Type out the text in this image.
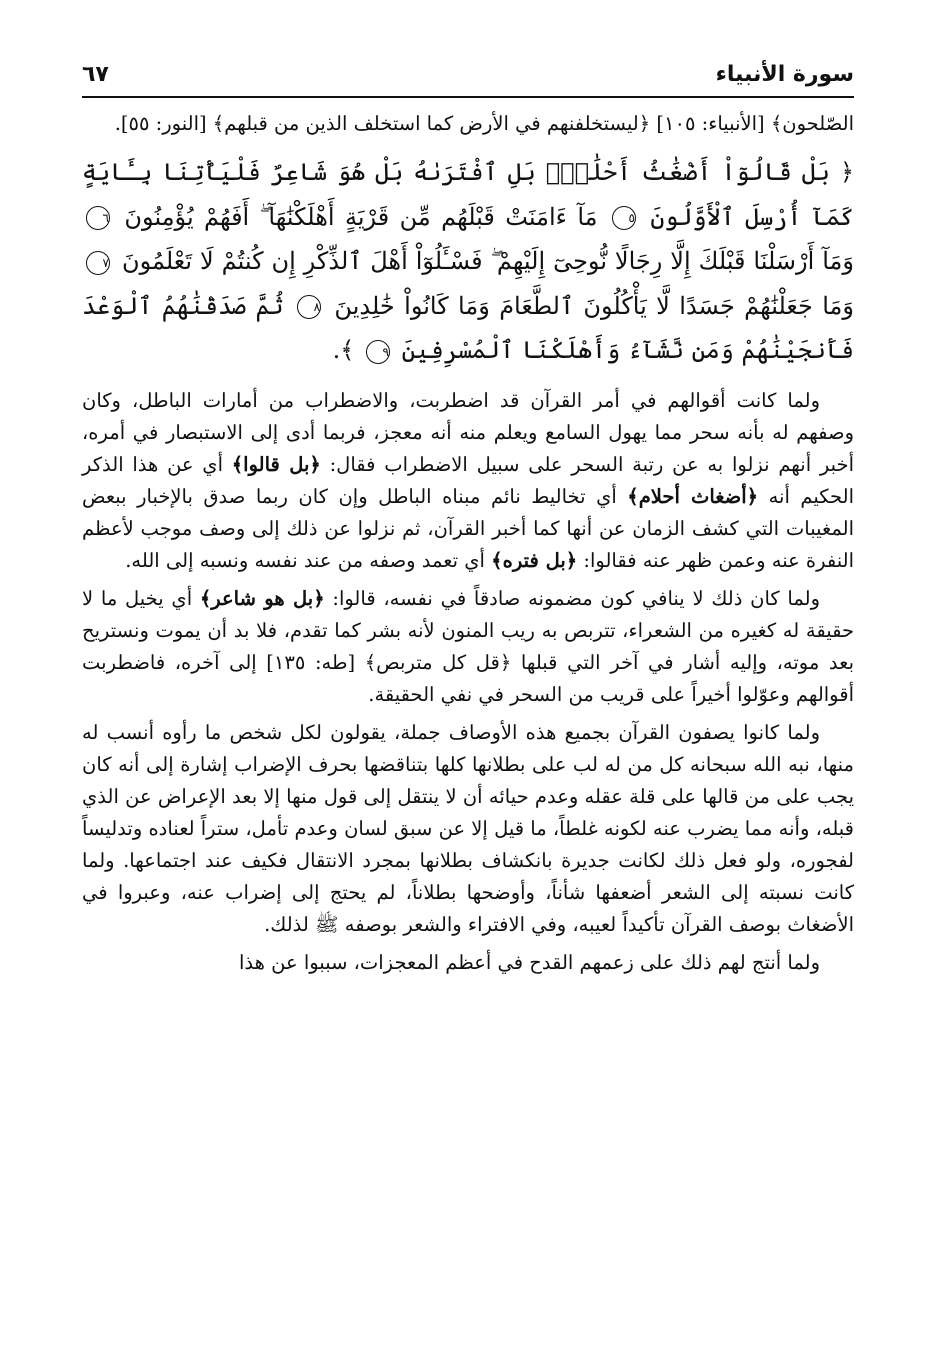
سورة الأنبياء
٦٧

الصّلحون﴾ [الأنبياء: ١٠٥] ﴿ليستخلفنهم في الأرض كما استخلف الذين من قبلهم﴾ [النور: ٥٥].

﴿ بَلْ قَالُوٓاْ أَضْغَٰثُ أَحْلَٰمٍۭ بَلِ ٱفْتَرَىٰهُ بَلْ هُوَ شَاعِرٌ فَلْيَأْتِنَا بِـَٔايَةٍ كَمَآ أُرْسِلَ ٱلْأَوَّلُونَ ٥ مَآ ءَامَنَتْ قَبْلَهُم مِّن قَرْيَةٍ أَهْلَكْنَٰهَآ ۖ أَفَهُمْ يُؤْمِنُونَ ٦ وَمَآ أَرْسَلْنَا قَبْلَكَ إِلَّا رِجَالًا نُّوحِىٓ إِلَيْهِمْ ۖ فَسْـَٔلُوٓاْ أَهْلَ ٱلذِّكْرِ إِن كُنتُمْ لَا تَعْلَمُونَ ٧ وَمَا جَعَلْنَٰهُمْ جَسَدًا لَّا يَأْكُلُونَ ٱلطَّعَامَ وَمَا كَانُواْ خَٰلِدِينَ ٨ ثُمَّ صَدَقْنَٰهُمُ ٱلْوَعْدَ فَأَنجَيْنَٰهُمْ وَمَن نَّشَآءُ وَأَهْلَكْنَا ٱلْمُسْرِفِينَ ٩ ﴾.

ولما كانت أقوالهم في أمر القرآن قد اضطربت، والاضطراب من أمارات الباطل، وكان وصفهم له بأنه سحر مما يهول السامع ويعلم منه أنه معجز، فربما أدى إلى الاستبصار في أمره، أخبر أنهم نزلوا به عن رتبة السحر على سبيل الاضطراب فقال: ﴿بل قالوا﴾ أي عن هذا الذكر الحكيم أنه ﴿أضغاث أحلام﴾ أي تخاليط نائم مبناه الباطل وإن كان ربما صدق بالإخبار ببعض المغيبات التي كشف الزمان عن أنها كما أخبر القرآن، ثم نزلوا عن ذلك إلى وصف موجب لأعظم النفرة عنه وعمن ظهر عنه فقالوا: ﴿بل فتره﴾ أي تعمد وصفه من عند نفسه ونسبه إلى الله.

ولما كان ذلك لا ينافي كون مضمونه صادقاً في نفسه، قالوا: ﴿بل هو شاعر﴾ أي يخيل ما لا حقيقة له كغيره من الشعراء، تتربص به ريب المنون لأنه بشر كما تقدم، فلا بد أن يموت ونستريح بعد موته، وإليه أشار في آخر التي قبلها ﴿قل كل متربص﴾ [طه: ١٣٥] إلى آخره، فاضطربت أقوالهم وعوّلوا أخيراً على قريب من السحر في نفي الحقيقة.

ولما كانوا يصفون القرآن بجميع هذه الأوصاف جملة، يقولون لكل شخص ما رأوه أنسب له منها، نبه الله سبحانه كل من له لب على بطلانها كلها بتناقضها بحرف الإضراب إشارة إلى أنه كان يجب على من قالها على قلة عقله وعدم حيائه أن لا ينتقل إلى قول منها إلا بعد الإعراض عن الذي قبله، وأنه مما يضرب عنه لكونه غلطاً، ما قيل إلا عن سبق لسان وعدم تأمل، ستراً لعناده وتدليساً لفجوره، ولو فعل ذلك لكانت جديرة بانكشاف بطلانها بمجرد الانتقال فكيف عند اجتماعها. ولما كانت نسبته إلى الشعر أضعفها شأناً، وأوضحها بطلاناً، لم يحتج إلى إضراب عنه، وعبروا في الأضغاث بوصف القرآن تأكيداً لعيبه، وفي الافتراء والشعر بوصفه ﷺ لذلك.

ولما أنتج لهم ذلك على زعمهم القدح في أعظم المعجزات، سببوا عن هذا
